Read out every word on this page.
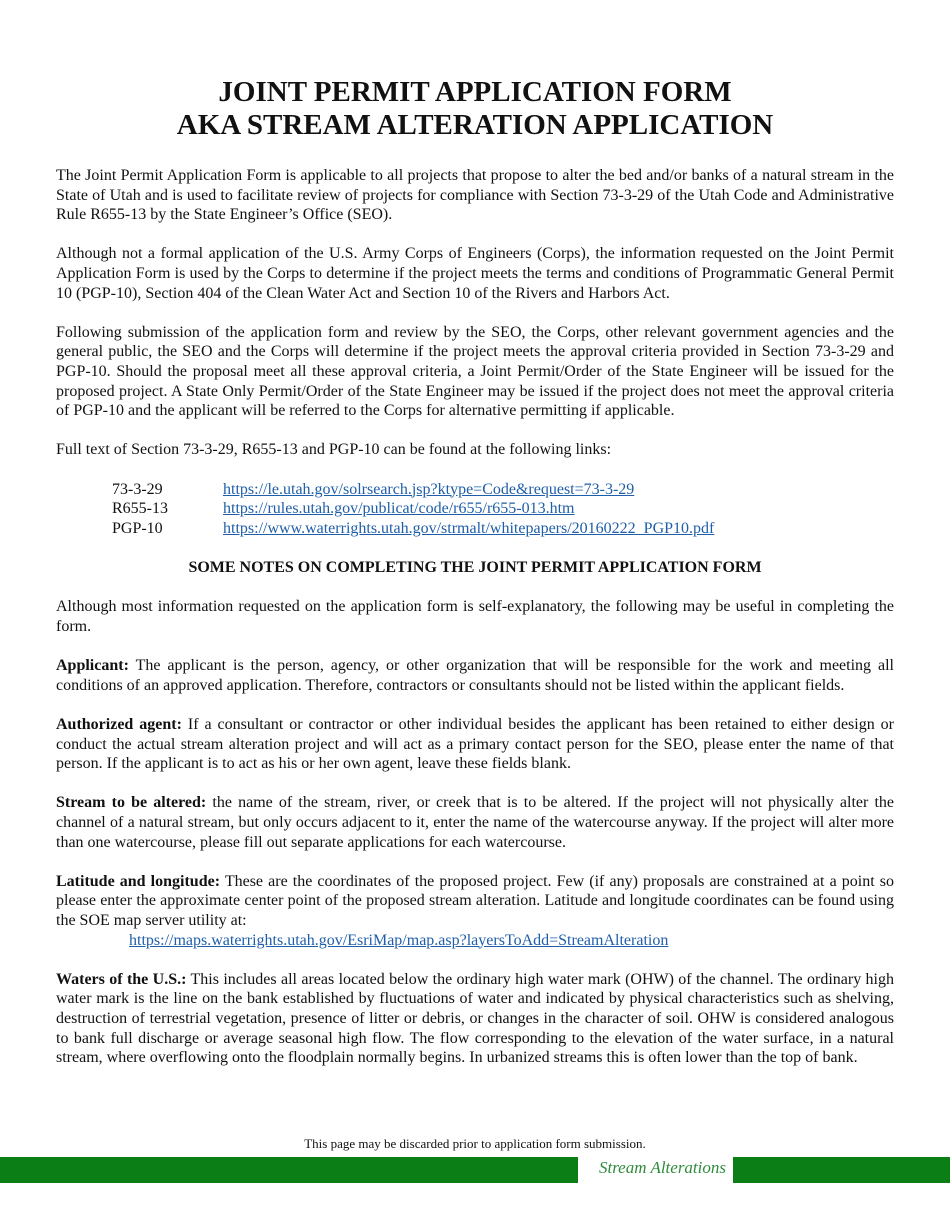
JOINT PERMIT APPLICATION FORM
AKA STREAM ALTERATION APPLICATION

The Joint Permit Application Form is applicable to all projects that propose to alter the bed and/or banks of a natural stream in the State of Utah and is used to facilitate review of projects for compliance with Section 73-3-29 of the Utah Code and Administrative Rule R655-13 by the State Engineer’s Office (SEO).

Although not a formal application of the U.S. Army Corps of Engineers (Corps), the information requested on the Joint Permit Application Form is used by the Corps to determine if the project meets the terms and conditions of Programmatic General Permit 10 (PGP-10), Section 404 of the Clean Water Act and Section 10 of the Rivers and Harbors Act.

Following submission of the application form and review by the SEO, the Corps, other relevant government agencies and the general public, the SEO and the Corps will determine if the project meets the approval criteria provided in Section 73-3-29 and PGP-10. Should the proposal meet all these approval criteria, a Joint Permit/Order of the State Engineer will be issued for the proposed project. A State Only Permit/Order of the State Engineer may be issued if the project does not meet the approval criteria of PGP-10 and the applicant will be referred to the Corps for alternative permitting if applicable.

Full text of Section 73-3-29, R655-13 and PGP-10 can be found at the following links:

73-3-29	https://le.utah.gov/solrsearch.jsp?ktype=Code&request=73-3-29
R655-13	https://rules.utah.gov/publicat/code/r655/r655-013.htm
PGP-10	https://www.waterrights.utah.gov/strmalt/whitepapers/20160222_PGP10.pdf
SOME NOTES ON COMPLETING THE JOINT PERMIT APPLICATION FORM

Although most information requested on the application form is self-explanatory, the following may be useful in completing the form.

Applicant: The applicant is the person, agency, or other organization that will be responsible for the work and meeting all conditions of an approved application. Therefore, contractors or consultants should not be listed within the applicant fields.

Authorized agent: If a consultant or contractor or other individual besides the applicant has been retained to either design or conduct the actual stream alteration project and will act as a primary contact person for the SEO, please enter the name of that person. If the applicant is to act as his or her own agent, leave these fields blank.

Stream to be altered: the name of the stream, river, or creek that is to be altered. If the project will not physically alter the channel of a natural stream, but only occurs adjacent to it, enter the name of the watercourse anyway. If the project will alter more than one watercourse, please fill out separate applications for each watercourse.

Latitude and longitude: These are the coordinates of the proposed project. Few (if any) proposals are constrained at a point so please enter the approximate center point of the proposed stream alteration. Latitude and longitude coordinates can be found using the SOE map server utility at:

https://maps.waterrights.utah.gov/EsriMap/map.asp?layersToAdd=StreamAlteration

Waters of the U.S.: This includes all areas located below the ordinary high water mark (OHW) of the channel. The ordinary high water mark is the line on the bank established by fluctuations of water and indicated by physical characteristics such as shelving, destruction of terrestrial vegetation, presence of litter or debris, or changes in the character of soil. OHW is considered analogous to bank full discharge or average seasonal high flow. The flow corresponding to the elevation of the water surface, in a natural stream, where overflowing onto the floodplain normally begins. In urbanized streams this is often lower than the top of bank.

This page may be discarded prior to application form submission.
Stream Alterations
